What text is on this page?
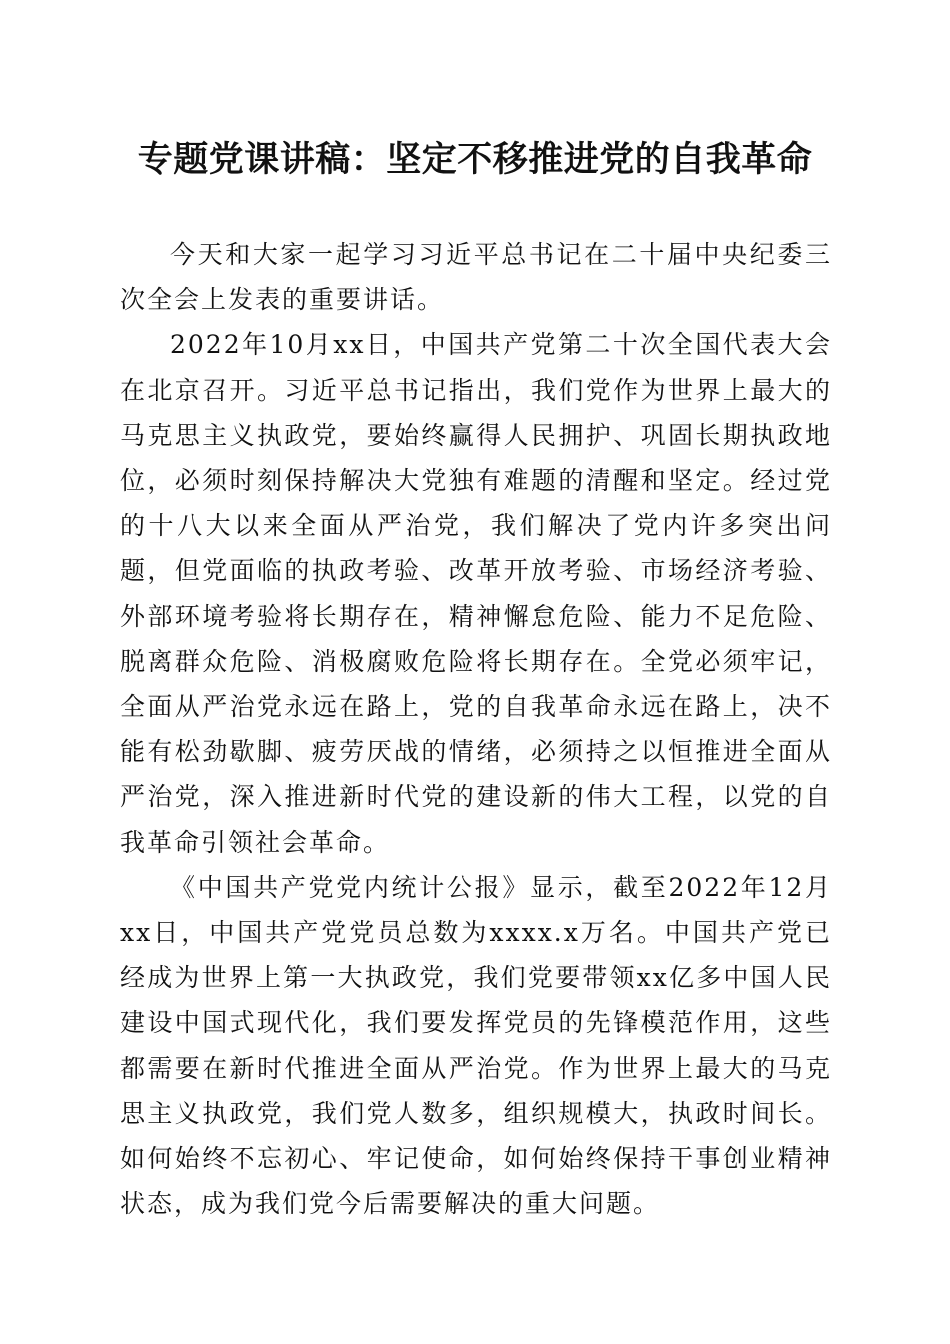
专题党课讲稿：坚定不移推进党的自我革命

今天和大家一起学习习近平总书记在二十届中央纪委三次全会上发表的重要讲话。

2022年10月xx日，中国共产党第二十次全国代表大会在北京召开。习近平总书记指出，我们党作为世界上最大的马克思主义执政党，要始终赢得人民拥护、巩固长期执政地位，必须时刻保持解决大党独有难题的清醒和坚定。经过党的十八大以来全面从严治党，我们解决了党内许多突出问题，但党面临的执政考验、改革开放考验、市场经济考验、外部环境考验将长期存在，精神懈怠危险、能力不足危险、脱离群众危险、消极腐败危险将长期存在。全党必须牢记，全面从严治党永远在路上，党的自我革命永远在路上，决不能有松劲歇脚、疲劳厌战的情绪，必须持之以恒推进全面从严治党，深入推进新时代党的建设新的伟大工程，以党的自我革命引领社会革命。

《中国共产党党内统计公报》显示，截至2022年12月xx日，中国共产党党员总数为xxxx.x万名。中国共产党已经成为世界上第一大执政党，我们党要带领xx亿多中国人民建设中国式现代化，我们要发挥党员的先锋模范作用，这些都需要在新时代推进全面从严治党。作为世界上最大的马克思主义执政党，我们党人数多，组织规模大，执政时间长。如何始终不忘初心、牢记使命，如何始终保持干事创业精神状态，成为我们党今后需要解决的重大问题。
